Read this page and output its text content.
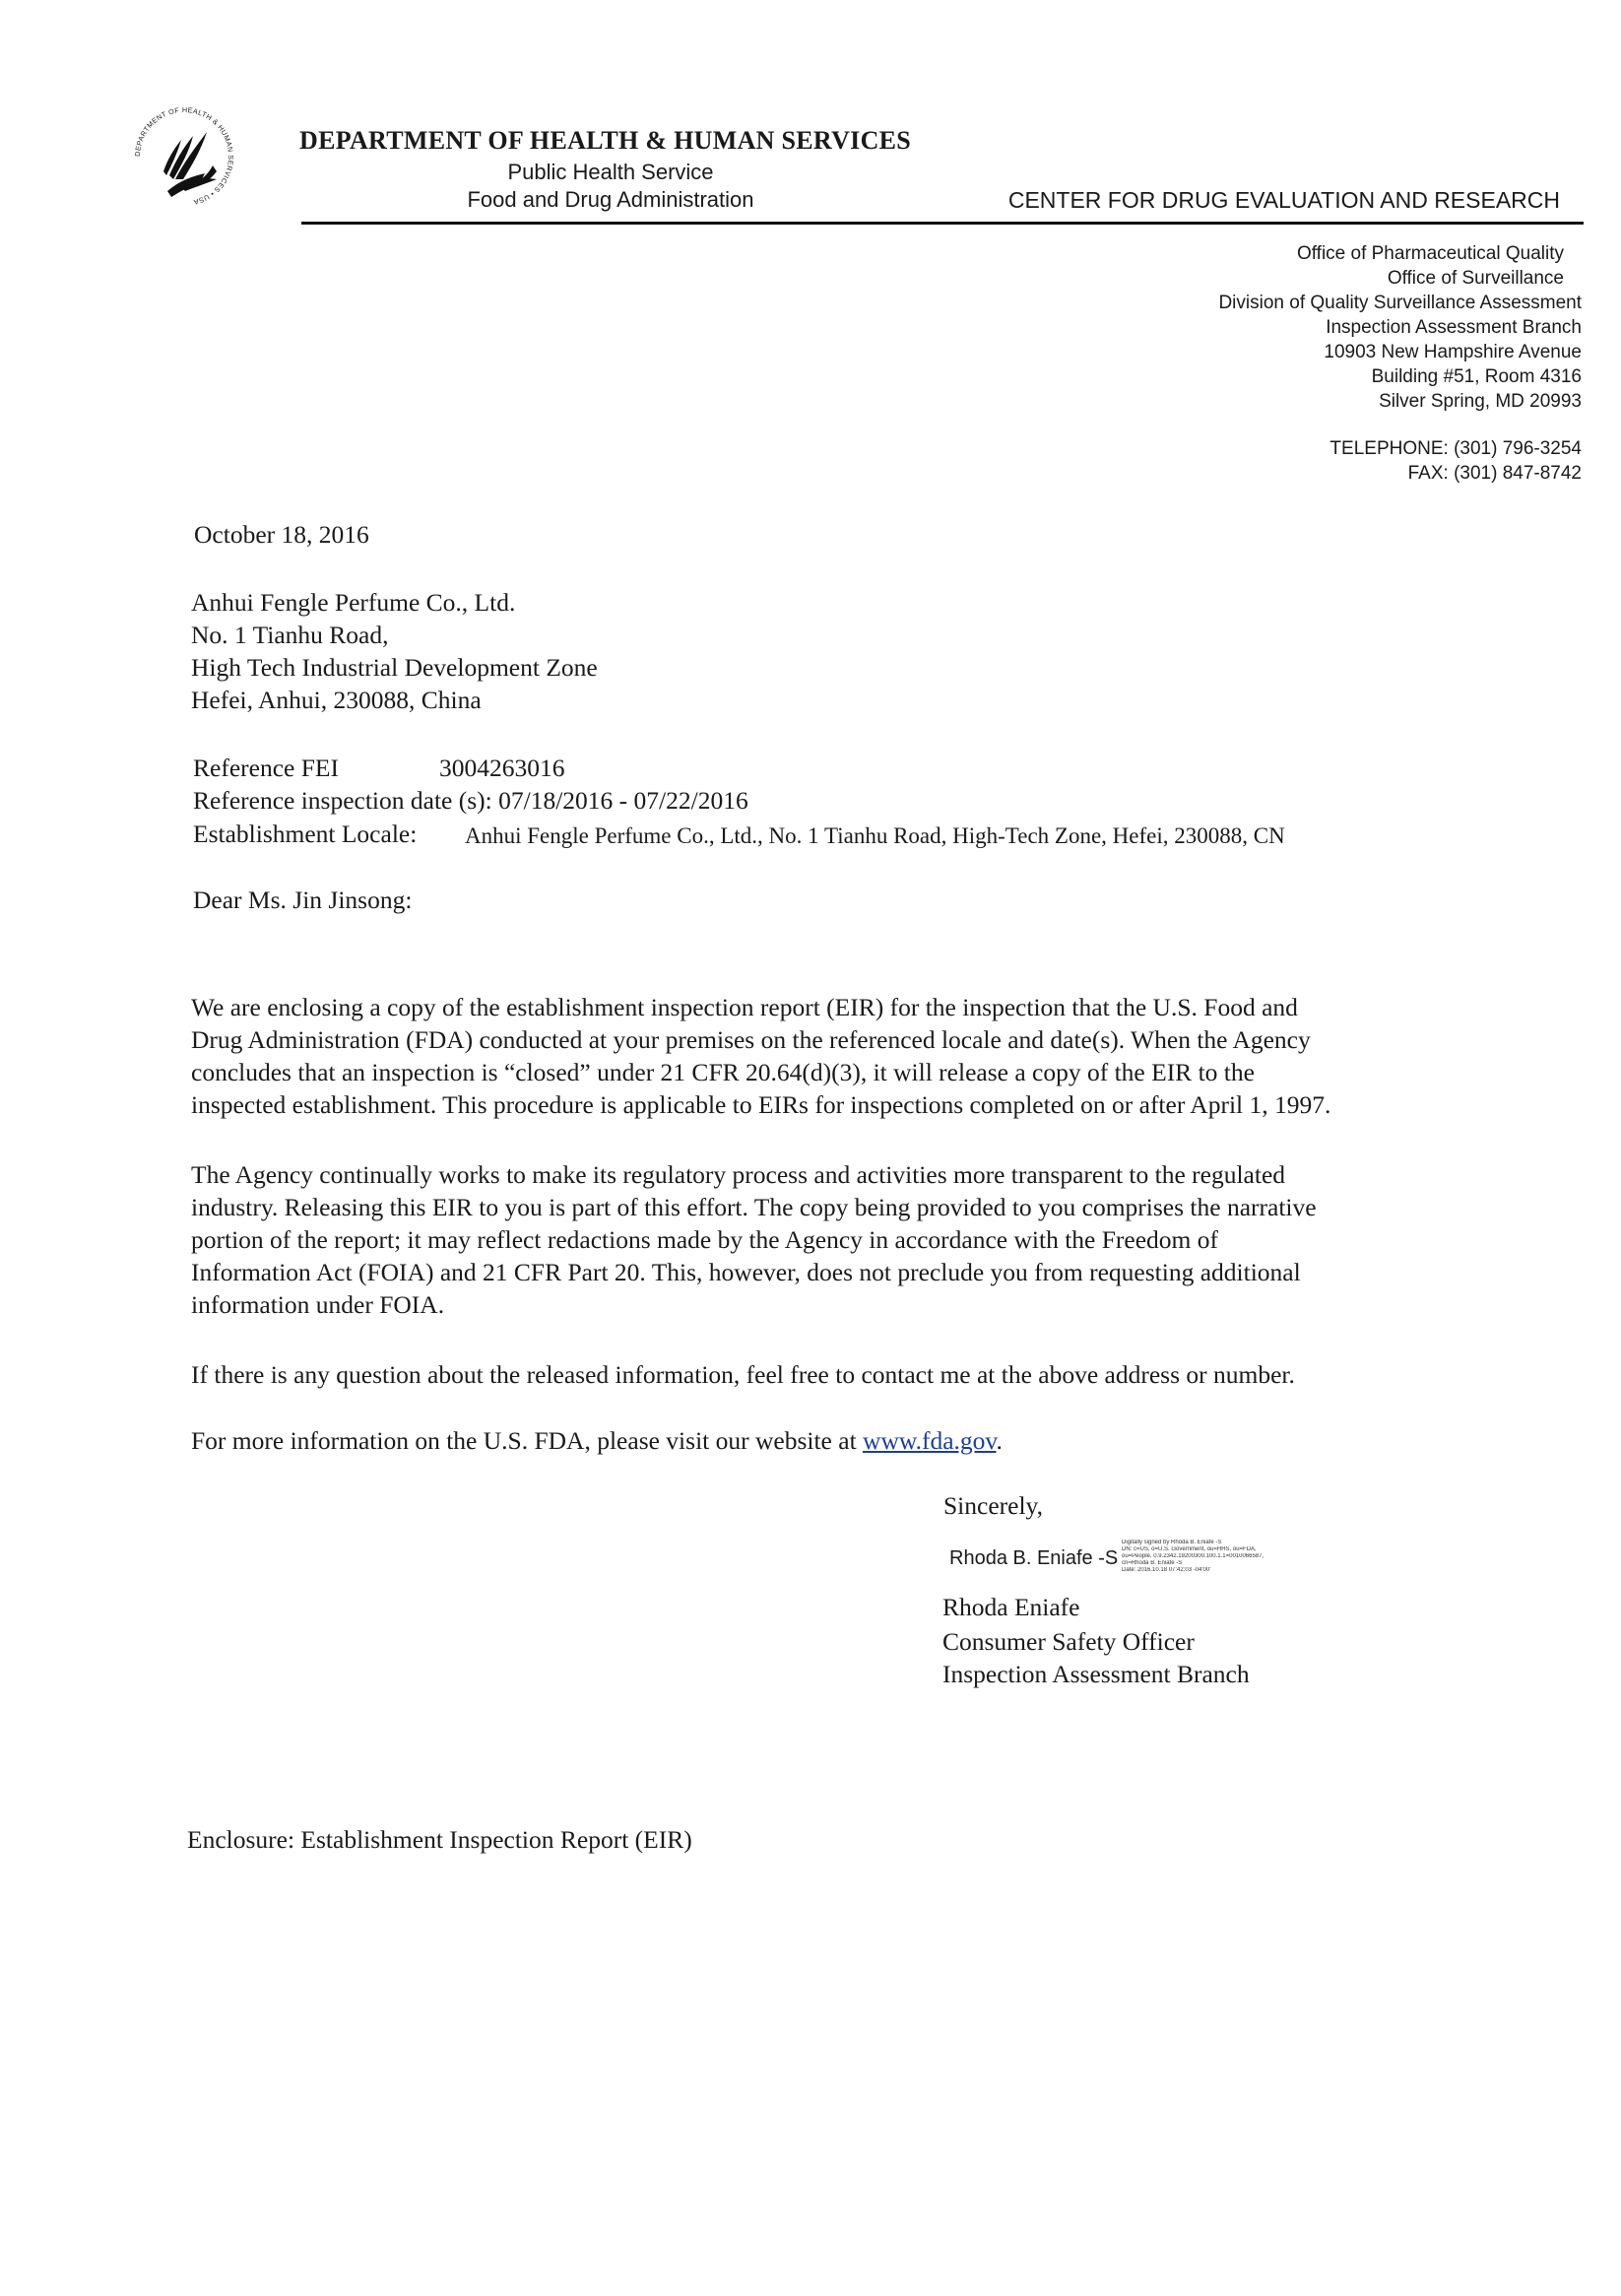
DEPARTMENT OF HEALTH & HUMAN SERVICES • USA
DEPARTMENT OF HEALTH & HUMAN SERVICES
Public Health Service
Food and Drug Administration	CENTER FOR DRUG EVALUATION AND RESEARCH
Office of Pharmaceutical Quality
Office of Surveillance
Division of Quality Surveillance Assessment
Inspection Assessment Branch
10903 New Hampshire Avenue
Building #51, Room 4316
Silver Spring, MD 20993
TELEPHONE: (301) 796-3254
FAX: (301) 847-8742
October 18, 2016
Anhui Fengle Perfume Co., Ltd.
No. 1 Tianhu Road,
High Tech Industrial Development Zone
Hefei, Anhui, 230088, China
Reference FEI	3004263016
Reference inspection date (s): 07/18/2016 - 07/22/2016
Establishment Locale: Anhui Fengle Perfume Co., Ltd., No. 1 Tianhu Road, High-Tech Zone, Hefei, 230088, CN
Dear Ms. Jin Jinsong:
We are enclosing a copy of the establishment inspection report (EIR) for the inspection that the U.S. Food and
Drug Administration (FDA) conducted at your premises on the referenced locale and date(s). When the Agency
concludes that an inspection is “closed” under 21 CFR 20.64(d)(3), it will release a copy of the EIR to the
inspected establishment. This procedure is applicable to EIRs for inspections completed on or after April 1, 1997.
The Agency continually works to make its regulatory process and activities more transparent to the regulated
industry. Releasing this EIR to you is part of this effort. The copy being provided to you comprises the narrative
portion of the report; it may reflect redactions made by the Agency in accordance with the Freedom of
Information Act (FOIA) and 21 CFR Part 20. This, however, does not preclude you from requesting additional
information under FOIA.
If there is any question about the released information, feel free to contact me at the above address or number.
For more information on the U.S. FDA, please visit our website at www.fda.gov.
Sincerely,
Rhoda B. Eniafe -S
Digitally signed by Rhoda B. Eniafe -S
DN: c=US, o=U.S. Government, ou=HHS, ou=FDA,
ou=People, 0.9.2342.19200300.100.1.1=0010066587,
cn=Rhoda B. Eniafe -S
Date: 2016.10.18 07:42:03 -04'00'
Rhoda Eniafe
Consumer Safety Officer
Inspection Assessment Branch
Enclosure: Establishment Inspection Report (EIR)
